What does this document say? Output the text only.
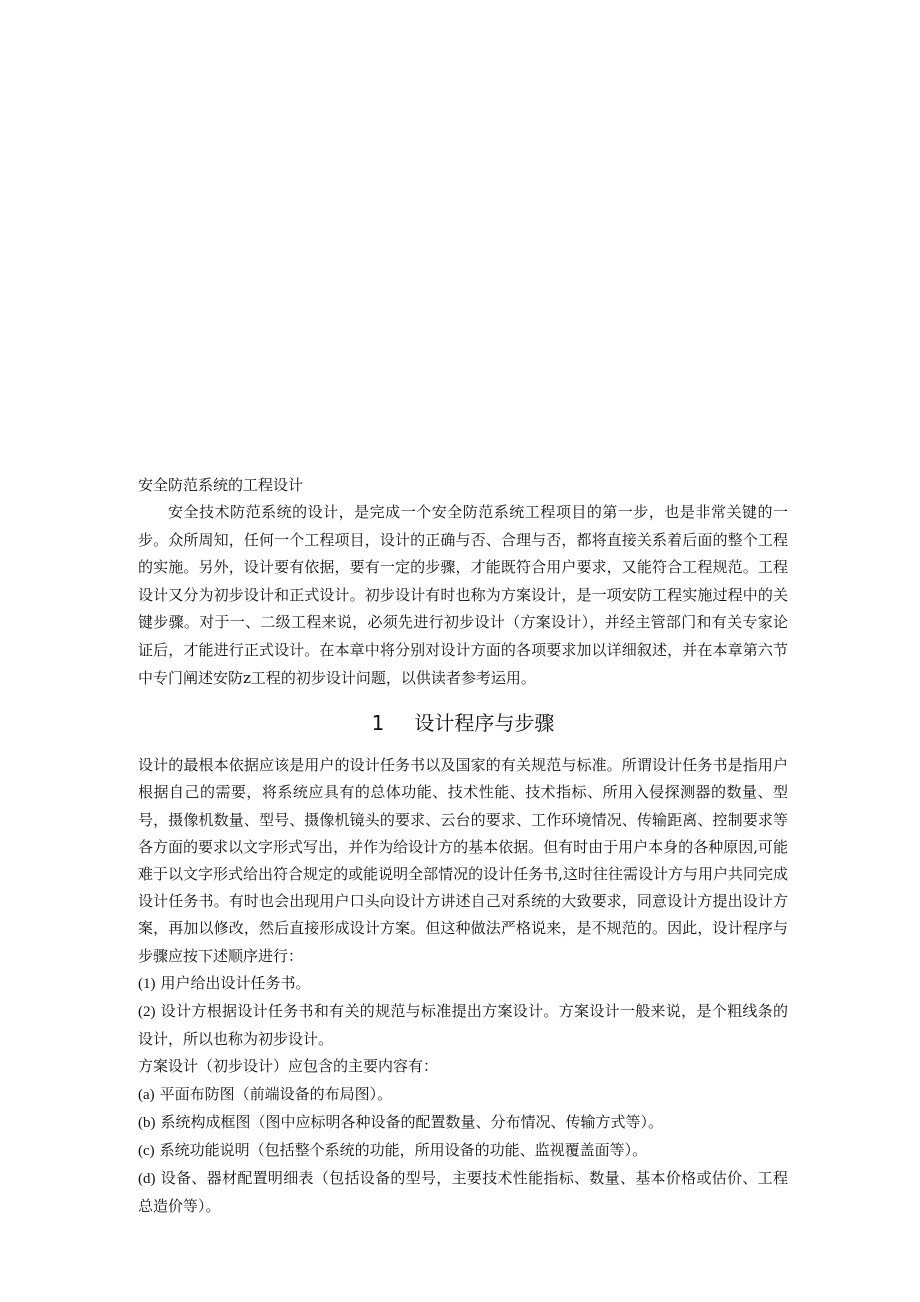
安全防范系统的工程设计

安全技术防范系统的设计，是完成一个安全防范系统工程项目的第一步，也是非常关键的一步。众所周知，任何一个工程项目，设计的正确与否、合理与否，都将直接关系着后面的整个工程的实施。另外，设计要有依据，要有一定的步骤，才能既符合用户要求，又能符合工程规范。工程设计又分为初步设计和正式设计。初步设计有时也称为方案设计，是一项安防工程实施过程中的关键步骤。对于一、二级工程来说，必须先进行初步设计（方案设计），并经主管部门和有关专家论证后，才能进行正式设计。在本章中将分别对设计方面的各项要求加以详细叙述，并在本章第六节中专门阐述安防z工程的初步设计问题，以供读者参考运用。

1 设计程序与步骤

设计的最根本依据应该是用户的设计任务书以及国家的有关规范与标准。所谓设计任务书是指用户根据自己的需要，将系统应具有的总体功能、技术性能、技术指标、所用入侵探测器的数量、型号，摄像机数量、型号、摄像机镜头的要求、云台的要求、工作环境情况、传输距离、控制要求等各方面的要求以文字形式写出，并作为给设计方的基本依据。但有时由于用户本身的各种原因,可能难于以文字形式给出符合规定的或能说明全部情况的设计任务书,这时往往需设计方与用户共同完成设计任务书。有时也会出现用户口头向设计方讲述自己对系统的大致要求，同意设计方提出设计方案，再加以修改，然后直接形成设计方案。但这种做法严格说来，是不规范的。因此，设计程序与步骤应按下述顺序进行：

(1) 用户给出设计任务书。

(2) 设计方根据设计任务书和有关的规范与标准提出方案设计。方案设计一般来说，是个粗线条的设计，所以也称为初步设计。

方案设计（初步设计）应包含的主要内容有：

(a) 平面布防图（前端设备的布局图）。

(b) 系统构成框图（图中应标明各种设备的配置数量、分布情况、传输方式等）。

(c) 系统功能说明（包括整个系统的功能，所用设备的功能、监视覆盖面等）。

(d) 设备、器材配置明细表（包括设备的型号，主要技术性能指标、数量、基本价格或估价、工程总造价等）。
